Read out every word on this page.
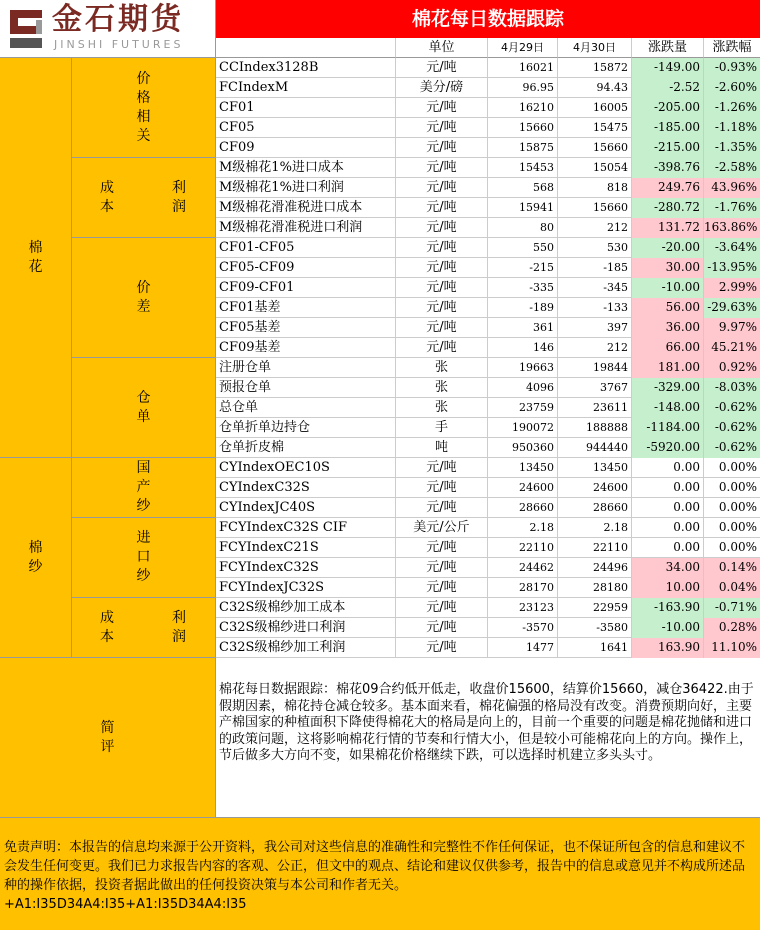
金石期货
JINSHI FUTURES
棉花每日数据跟踪
单位	4月29日	4月30日	涨跌量	涨跌幅
棉花
棉纱
价格相关
成本
利润
价差
仓单
国产纱
进口纱
成本
利润
CCIndex3128B	元/吨	16021	15872	-149.00	-0.93%
FCIndexM	美分/磅	96.95	94.43	-2.52	-2.60%
CF01	元/吨	16210	16005	-205.00	-1.26%
CF05	元/吨	15660	15475	-185.00	-1.18%
CF09	元/吨	15875	15660	-215.00	-1.35%
M级棉花1%进口成本	元/吨	15453	15054	-398.76	-2.58%
M级棉花1%进口利润	元/吨	568	818	249.76 43.96%
M级棉花滑准税进口成本	元/吨	15941	15660	-280.72	-1.76%
M级棉花滑准税进口利润	元/吨	80	212	131.72 163.86%
CF01-CF05	元/吨	550	530	-20.00	-3.64%
CF05-CF09	元/吨	-215	-185	30.00 -13.95%
CF09-CF01	元/吨	-335	-345	-10.00	2.99%
CF01基差	元/吨	-189	-133	56.00 -29.63%
CF05基差	元/吨	361	397	36.00	9.97%
CF09基差	元/吨	146	212	66.00 45.21%
注册仓单	张	19663	19844	181.00	0.92%
预报仓单	张	4096	3767	-329.00	-8.03%
总仓单	张	23759	23611	-148.00	-0.62%
仓单折单边持仓	手	190072	188888	-1184.00	-0.62%
仓单折皮棉	吨	950360	944440	-5920.00	-0.62%
CYIndexOEC10S	元/吨	13450	13450	0.00	0.00%
CYIndexC32S	元/吨	24600	24600	0.00	0.00%
CYIndexJC40S	元/吨	28660	28660	0.00	0.00%
FCYIndexC32S CIF	美元/公斤	2.18	2.18	0.00	0.00%
FCYIndexC21S	元/吨	22110	22110	0.00	0.00%
FCYIndexC32S	元/吨	24462	24496	34.00	0.14%
FCYIndexJC32S	元/吨	28170	28180	10.00	0.04%
C32S级棉纱加工成本	元/吨	23123	22959	-163.90	-0.71%
C32S级棉纱进口利润	元/吨	-3570	-3580	-10.00	0.28%
C32S级棉纱加工利润	元/吨	1477	1641	163.90 11.10%
简评
棉花每日数据跟踪：棉花09合约低开低走，收盘价15600，结算价15660，减仓36422.由于假期因素，棉花持仓减仓较多。基本面来看，棉花偏强的格局没有改变。消费预期向好，主要产棉国家的种植面积下降使得棉花大的格局是向上的，目前一个重要的问题是棉花抛储和进口的政策问题，这将影响棉花行情的节奏和行情大小，但是较小可能棉花向上的方向。操作上，节后做多大方向不变，如果棉花价格继续下跌，可以选择时机建立多头头寸。
免责声明：本报告的信息均来源于公开资料，我公司对这些信息的准确性和完整性不作任何保证，也不保证所包含的信息和建议不会发生任何变更。我们已力求报告内容的客观、公正，但文中的观点、结论和建议仅供参考，报告中的信息或意见并不构成所述品种的操作依据，投资者据此做出的任何投资决策与本公司和作者无关。
+A1:I35D34A4:I35+A1:I35D34A4:I35
